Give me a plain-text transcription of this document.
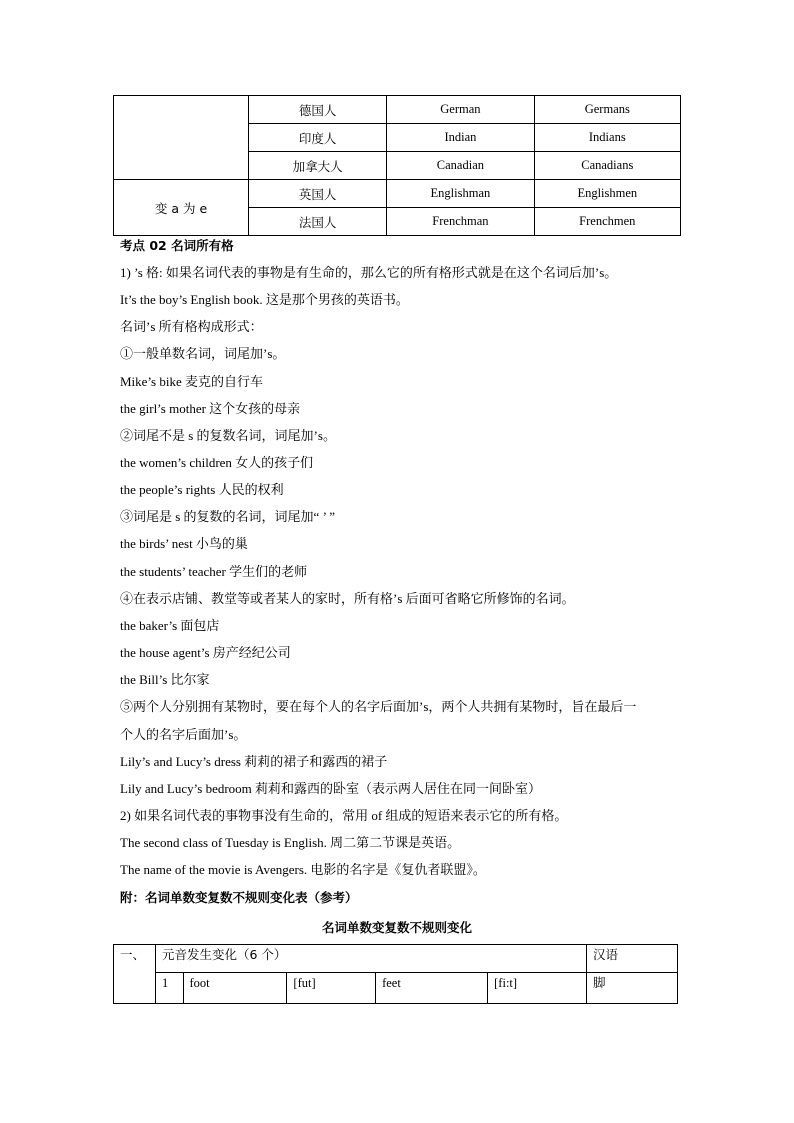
	德国人	German	Germans
	印度人	Indian	Indians
	加拿大人	Canadian	Canadians
变 a 为 e	英国人	Englishman	Englishmen
	法国人	Frenchman	Frenchmen
考点 02 名词所有格
1) ’s 格: 如果名词代表的事物是有生命的，那么它的所有格形式就是在这个名词后加’s。
It’s the boy’s English book. 这是那个男孩的英语书。
名词’s 所有格构成形式：
①一般单数名词，词尾加’s。
Mike’s bike 麦克的自行车
the girl’s mother 这个女孩的母亲
②词尾不是 s 的复数名词，词尾加’s。
the women’s children 女人的孩子们
the people’s rights 人民的权利
③词尾是 s 的复数的名词，词尾加“ ’ ”
the birds’ nest 小鸟的巢
the students’ teacher 学生们的老师
④在表示店铺、教堂等或者某人的家时，所有格’s 后面可省略它所修饰的名词。
the baker’s 面包店
the house agent’s 房产经纪公司
the Bill’s 比尔家
⑤两个人分别拥有某物时，要在每个人的名字后面加’s，两个人共拥有某物时，旨在最后一
个人的名字后面加’s。
Lily’s and Lucy’s dress 莉莉的裙子和露西的裙子
Lily and Lucy’s bedroom 莉莉和露西的卧室（表示两人居住在同一间卧室）
2) 如果名词代表的事物事没有生命的，常用 of 组成的短语来表示它的所有格。
The second class of Tuesday is English. 周二第二节课是英语。
The name of the movie is Avengers. 电影的名字是《复仇者联盟》。
附：名词单数变复数不规则变化表（参考）
名词单数变复数不规则变化
一、	元音发生变化（6 个）					汉语
	1	foot	[fut]	feet	[fi:t]	脚
